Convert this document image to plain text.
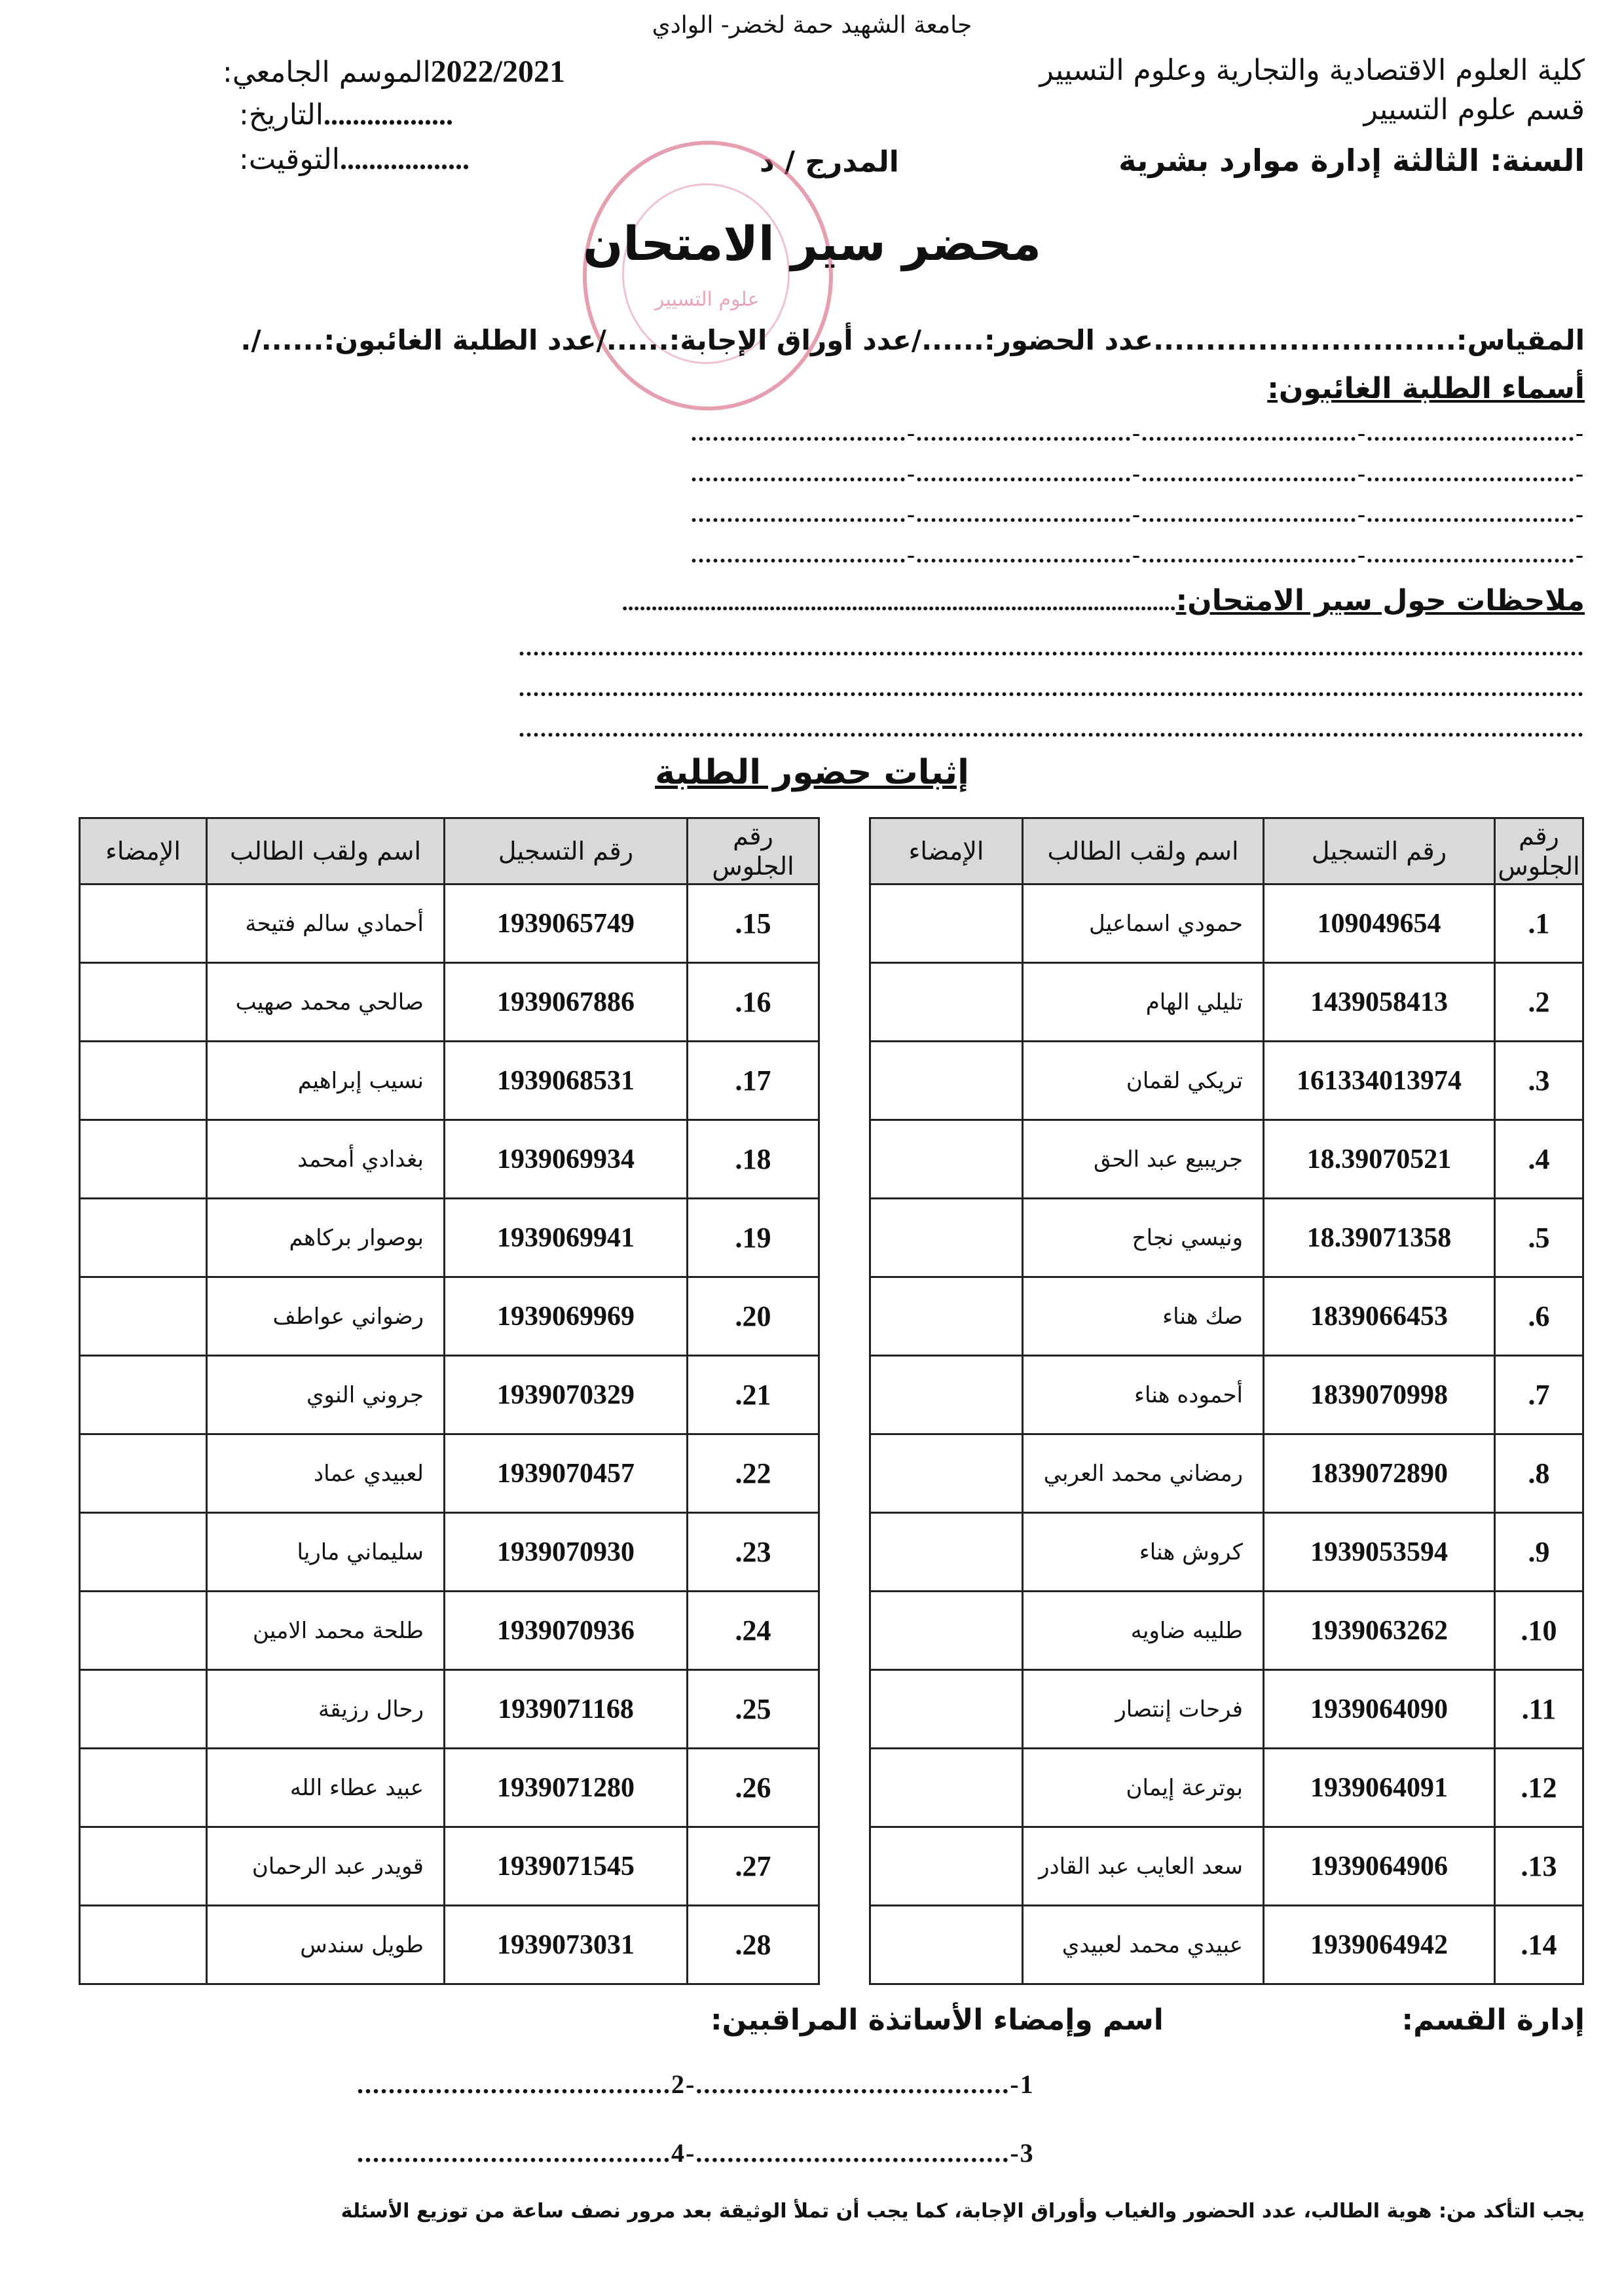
جامعة الشهيد حمة لخضر- الوادي
كلية العلوم الاقتصادية والتجارية وعلوم التسيير
قسم علوم التسيير
السنة: الثالثة إدارة موارد بشرية
المدرج / د
2022/2021الموسم الجامعي:
..................التاريخ:
..................التوقيت:
علوم التسيير
محضر سير الامتحان
المقياس:.............................عدد الحضور:....../عدد أوراق الإجابة:....../عدد الطلبة الغائبون:....../.
أسماء الطلبة الغائبون:
-.............................-..............................-..............................-..............................
-.............................-..............................-..............................-..............................
-.............................-..............................-..............................-..............................
-.............................-..............................-..............................-..............................
ملاحظات حول سير الامتحان:..............................................................................................
....................................................................................................................................................
....................................................................................................................................................
....................................................................................................................................................
إثبات حضور الطلبة
رقم الجلوس	رقم التسجيل	اسم ولقب الطالب	الإمضاء
1.	109049654	حمودي اسماعيل	
2.	1439058413	تليلي الهام	
3.	161334013974	تريكي لقمان	
4.	18.39070521	جريبيع عبد الحق	
5.	18.39071358	ونيسي نجاح	
6.	1839066453	صك هناء	
7.	1839070998	أحموده هناء	
8.	1839072890	رمضاني محمد العربي	
9.	1939053594	كروش هناء	
10.	1939063262	طليبه ضاويه	
11.	1939064090	فرحات إنتصار	
12.	1939064091	بوترعة إيمان	
13.	1939064906	سعد العايب عبد القادر	
14.	1939064942	عبيدي محمد لعبيدي	
رقم الجلوس	رقم التسجيل	اسم ولقب الطالب	الإمضاء
15.	1939065749	أحمادي سالم فتيحة	
16.	1939067886	صالحي محمد صهيب	
17.	1939068531	نسيب إبراهيم	
18.	1939069934	بغدادي أمحمد	
19.	1939069941	بوصوار بركاهم	
20.	1939069969	رضواني عواطف	
21.	1939070329	جروني النوي	
22.	1939070457	لعبيدي عماد	
23.	1939070930	سليماني ماريا	
24.	1939070936	طلحة محمد الامين	
25.	1939071168	رحال رزيقة	
26.	1939071280	عبيد عطاء الله	
27.	1939071545	قويدر عبد الرحمان	
28.	1939073031	طويل سندس	
إدارة القسم:
اسم وإمضاء الأساتذة المراقبين:
1-........................................-2........................................
3-........................................-4........................................
يجب التأكد من: هوية الطالب، عدد الحضور والغياب وأوراق الإجابة، كما يجب أن تملأ الوثيقة بعد مرور نصف ساعة من توزيع الأسئلة
